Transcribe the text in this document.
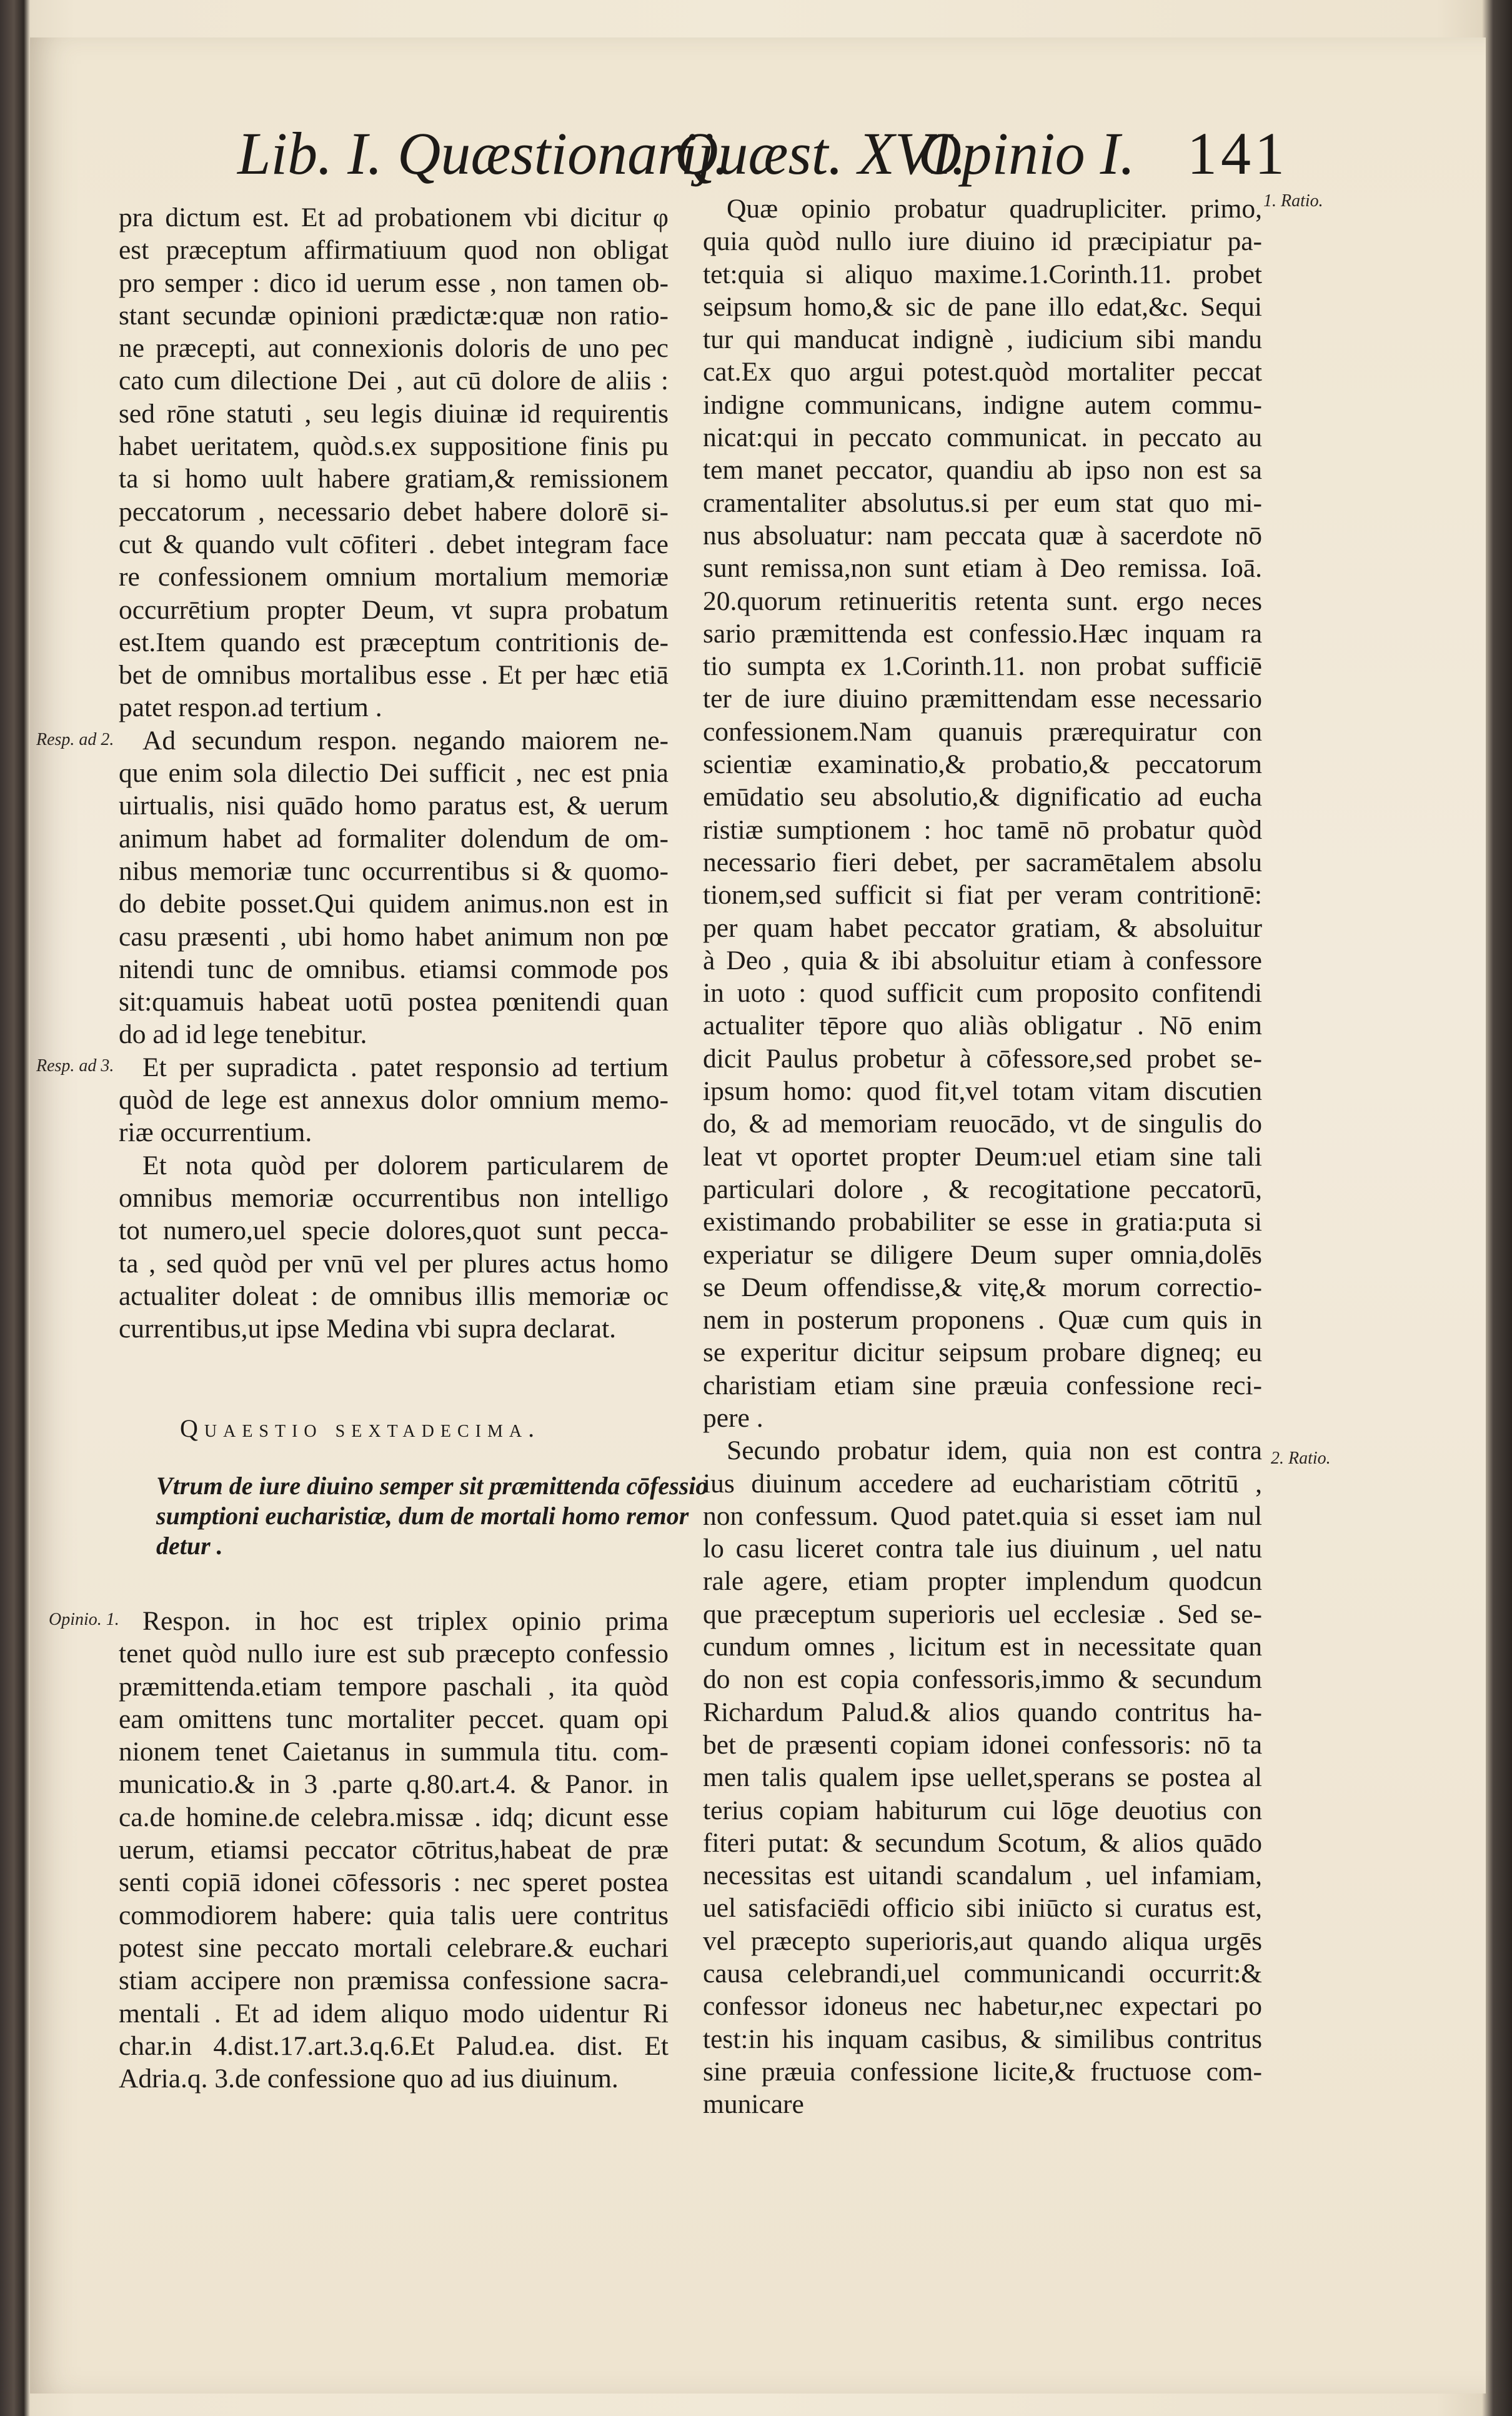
Lib. I. Quæstionarij.
Quæst. XVI.
Opinio I. 141
pra dictum est. Et ad probationem vbi dicitur φ
est præceptum affirmatiuum quod non obligat
pro semper : dico id uerum esse , non tamen ob-
stant secundæ opinioni prædictæ:quæ non ratio-
ne præcepti, aut connexionis doloris de uno pec
cato cum dilectione Dei , aut cū dolore de aliis :
sed rōne statuti , seu legis diuinæ id requirentis
habet ueritatem, quòd.s.ex suppositione finis pu
ta si homo uult habere gratiam,& remissionem
peccatorum , necessario debet habere dolorē si-
cut & quando vult cōfiteri . debet integram face
re confessionem omnium mortalium memoriæ
occurrētium propter Deum, vt supra probatum
est.Item quando est præceptum contritionis de-
bet de omnibus mortalibus esse . Et per hæc etiā
patet respon.ad tertium .
Ad secundum respon. negando maiorem ne-
que enim sola dilectio Dei sufficit , nec est pnia
uirtualis, nisi quādo homo paratus est, & uerum
animum habet ad formaliter dolendum de om-
nibus memoriæ tunc occurrentibus si & quomo-
do debite posset.Qui quidem animus.non est in
casu præsenti , ubi homo habet animum non pœ
nitendi tunc de omnibus. etiamsi commode pos
sit:quamuis habeat uotū postea pœnitendi quan
do ad id lege tenebitur.
Et per supradicta . patet responsio ad tertium
quòd de lege est annexus dolor omnium memo-
riæ occurrentium.
Et nota quòd per dolorem particularem de
omnibus memoriæ occurrentibus non intelligo
tot numero,uel specie dolores,quot sunt pecca-
ta , sed quòd per vnū vel per plures actus homo
actualiter doleat : de omnibus illis memoriæ oc
currentibus,ut ipse Medina vbi supra declarat.
Quaestio sextadecima.
Vtrum de iure diuino semper sit præmittenda cōfessio
sumptioni eucharistiæ, dum de mortali homo remor
detur .
Respon. in hoc est triplex opinio prima
tenet quòd nullo iure est sub præcepto confessio
præmittenda.etiam tempore paschali , ita quòd
eam omittens tunc mortaliter peccet. quam opi
nionem tenet Caietanus in summula titu. com-
municatio.& in 3 .parte q.80.art.4. & Panor. in
ca.de homine.de celebra.missæ . idq; dicunt esse
uerum, etiamsi peccator cōtritus,habeat de præ
senti copiā idonei cōfessoris : nec speret postea
commodiorem habere: quia talis uere contritus
potest sine peccato mortali celebrare.& euchari
stiam accipere non præmissa confessione sacra-
mentali . Et ad idem aliquo modo uidentur Ri
char.in 4.dist.17.art.3.q.6.Et Palud.ea. dist. Et
Adria.q. 3.de confessione quo ad ius diuinum.
Quæ opinio probatur quadrupliciter. primo,
quia quòd nullo iure diuino id præcipiatur pa-
tet:quia si aliquo maxime.1.Corinth.11. probet
seipsum homo,& sic de pane illo edat,&c. Sequi
tur qui manducat indignè , iudicium sibi mandu
cat.Ex quo argui potest.quòd mortaliter peccat
indigne communicans, indigne autem commu-
nicat:qui in peccato communicat. in peccato au
tem manet peccator, quandiu ab ipso non est sa
cramentaliter absolutus.si per eum stat quo mi-
nus absoluatur: nam peccata quæ à sacerdote nō
sunt remissa,non sunt etiam à Deo remissa. Ioā.
20.quorum retinueritis retenta sunt. ergo neces
sario præmittenda est confessio.Hæc inquam ra
tio sumpta ex 1.Corinth.11. non probat sufficiē
ter de iure diuino præmittendam esse necessario
confessionem.Nam quanuis prærequiratur con
scientiæ examinatio,& probatio,& peccatorum
emūdatio seu absolutio,& dignificatio ad eucha
ristiæ sumptionem : hoc tamē nō probatur quòd
necessario fieri debet, per sacramētalem absolu
tionem,sed sufficit si fiat per veram contritionē:
per quam habet peccator gratiam, & absoluitur
à Deo , quia & ibi absoluitur etiam à confessore
in uoto : quod sufficit cum proposito confitendi
actualiter tēpore quo aliàs obligatur . Nō enim
dicit Paulus probetur à cōfessore,sed probet se-
ipsum homo: quod fit,vel totam vitam discutien
do, & ad memoriam reuocādo, vt de singulis do
leat vt oportet propter Deum:uel etiam sine tali
particulari dolore , & recogitatione peccatorū,
existimando probabiliter se esse in gratia:puta si
experiatur se diligere Deum super omnia,dolēs
se Deum offendisse,& vitę,& morum correctio-
nem in posterum proponens . Quæ cum quis in
se experitur dicitur seipsum probare digneq; eu
charistiam etiam sine præuia confessione reci-
pere .
Secundo probatur idem, quia non est contra
ius diuinum accedere ad eucharistiam cōtritū ,
non confessum. Quod patet.quia si esset iam nul
lo casu liceret contra tale ius diuinum , uel natu
rale agere, etiam propter implendum quodcun
que præceptum superioris uel ecclesiæ . Sed se-
cundum omnes , licitum est in necessitate quan
do non est copia confessoris,immo & secundum
Richardum Palud.& alios quando contritus ha-
bet de præsenti copiam idonei confessoris: nō ta
men talis qualem ipse uellet,sperans se postea al
terius copiam habiturum cui lōge deuotius con
fiteri putat: & secundum Scotum, & alios quādo
necessitas est uitandi scandalum , uel infamiam,
uel satisfaciēdi officio sibi iniūcto si curatus est,
vel præcepto superioris,aut quando aliqua urgēs
causa celebrandi,uel communicandi occurrit:&
confessor idoneus nec habetur,nec expectari po
test:in his inquam casibus, & similibus contritus
sine præuia confessione licite,& fructuose com-
municare
Resp. ad 2.
Resp. ad 3.
Opinio. 1.
1. Ratio.
2. Ratio.
